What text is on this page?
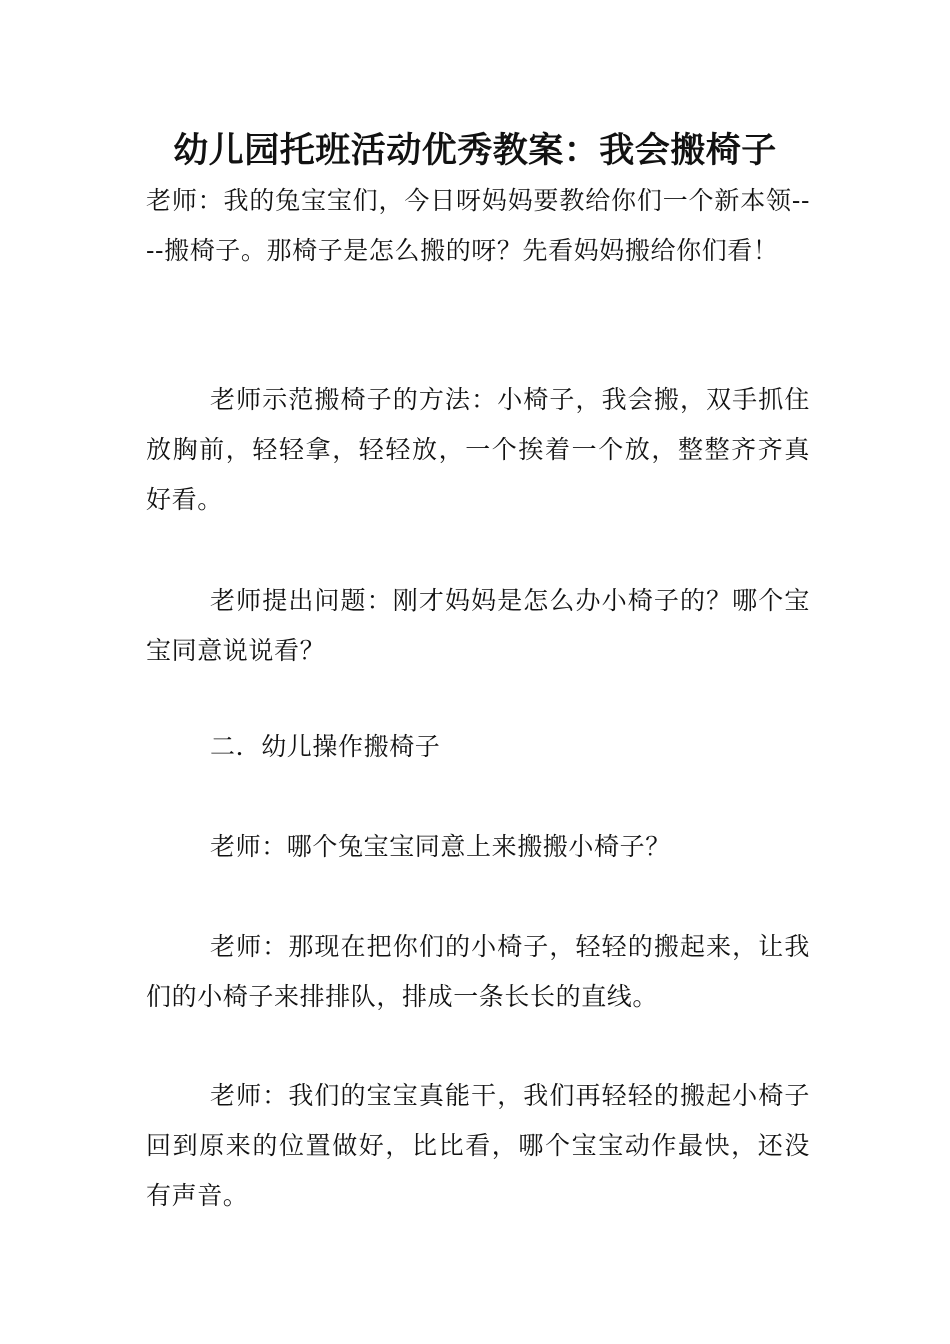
幼儿园托班活动优秀教案：我会搬椅子

老师：我的兔宝宝们，今日呀妈妈要教给你们一个新本领----搬椅子。那椅子是怎么搬的呀？先看妈妈搬给你们看！

老师示范搬椅子的方法：小椅子，我会搬，双手抓住放胸前，轻轻拿，轻轻放，一个挨着一个放，整整齐齐真好看。

老师提出问题：刚才妈妈是怎么办小椅子的？哪个宝宝同意说说看？

二．幼儿操作搬椅子

老师：哪个兔宝宝同意上来搬搬小椅子？

老师：那现在把你们的小椅子，轻轻的搬起来，让我们的小椅子来排排队，排成一条长长的直线。

老师：我们的宝宝真能干，我们再轻轻的搬起小椅子回到原来的位置做好，比比看，哪个宝宝动作最快，还没有声音。
